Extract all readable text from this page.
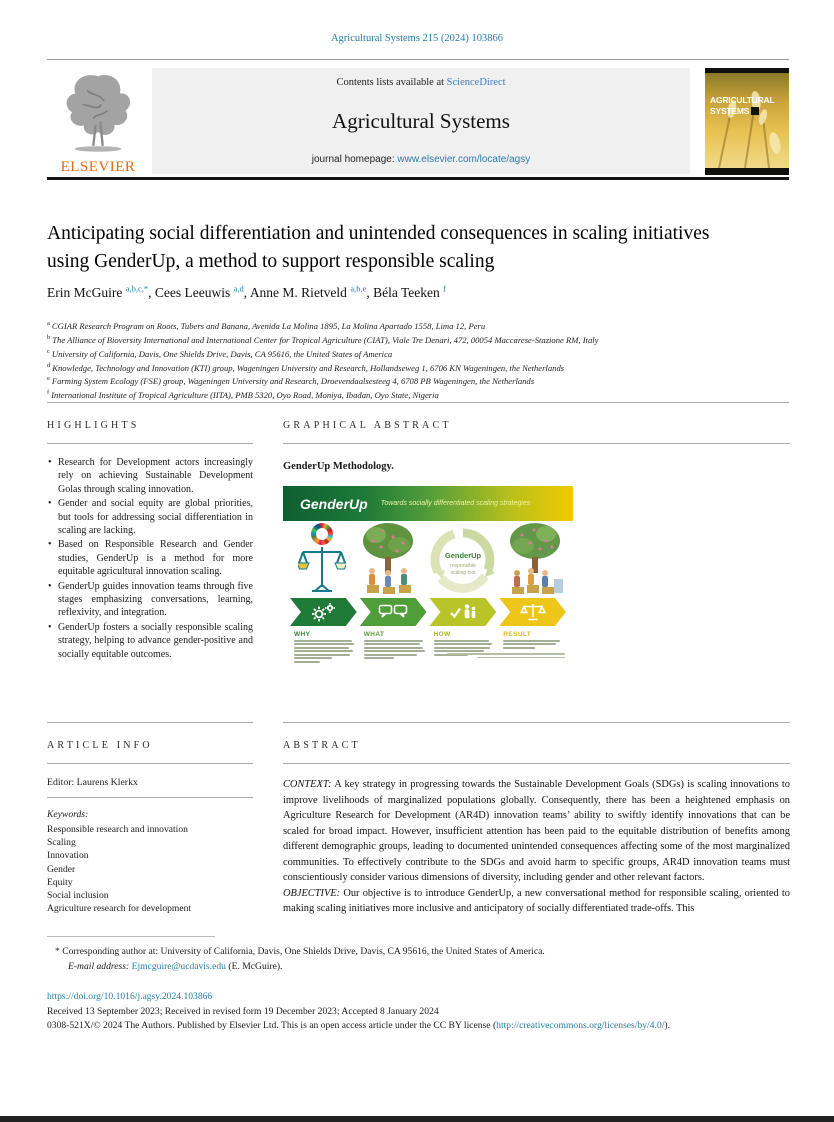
Agricultural Systems 215 (2024) 103866
ELSEVIER
Contents lists available at ScienceDirect
Agricultural Systems
journal homepage: www.elsevier.com/locate/agsy
AGRICULTURAL
SYSTEMS
Anticipating social differentiation and unintended consequences in scaling initiatives using GenderUp, a method to support responsible scaling
Erin McGuire $^{a,b,c,*}$ , Cees Leeuwis $^{a,d}$ , Anne M. Rietveld $^{a,b,e}$ , Béla Teeken $^f$
$^a$ CGIAR Research Program on Roots, Tubers and Banana, Avenida La Molina 1895, La Molina Apartado 1558, Lima 12, Peru
$^b$ The Alliance of Bioversity International and International Center for Tropical Agriculture (CIAT), Viale Tre Denari, 472, 00054 Maccarese-Stazione RM, Italy
$^c$ University of California, Davis, One Shields Drive, Davis, CA 95616, the United States of America
$^d$ Knowledge, Technology and Innovation (KTI) group, Wageningen University and Research, Hollandseweg 1, 6706 KN Wageningen, the Netherlands
$^e$ Farming System Ecology (FSE) group, Wageningen University and Research, Droevendaalsesteeg 4, 6708 PB Wageningen, the Netherlands
$^f$ International Institute of Tropical Agriculture (IITA), PMB 5320, Oyo Road, Moniya, Ibadan, Oyo State, Nigeria
HIGHLIGHTS	GRAPHICAL ABSTRACT
• Research for Development actors increasingly rely on achieving Sustainable Development Golas through scaling innovation.
• Gender and social equity are global priorities, but tools for addressing social differentiation in scaling are lacking.
• Based on Responsible Research and Gender studies, GenderUp is a method for more equitable agricultural innovation scaling.
• GenderUp guides innovation teams through five stages emphasizing conversations, learning, reflexivity, and integration.
• GenderUp fosters a socially responsible scaling strategy, helping to advance gender-positive and socially equitable outcomes.
GenderUp Methodology.
GenderUp Towards socially differentiated scaling strategies
GenderUp
responsible
scaling tool
WHY	WHAT	HOW	RESULT
ARTICLE INFO	ABSTRACT
Editor: Laurens Klerkx
Keywords:
Responsible research and innovation
Scaling
Innovation
Gender
Equity
Social inclusion
Agriculture research for development
CONTEXT: A key strategy in progressing towards the Sustainable Development Goals (SDGs) is scaling innovations to improve livelihoods of marginalized populations globally. Consequently, there has been a heightened emphasis on Agriculture Research for Development (AR4D) innovation teams’ ability to swiftly identify innovations that can be scaled for broad impact. However, insufficient attention has been paid to the equitable distribution of benefits among different demographic groups, leading to documented unintended consequences affecting some of the most marginalized communities. To effectively contribute to the SDGs and avoid harm to specific groups, AR4D innovation teams must conscientiously consider various dimensions of diversity, including gender and other relevant factors.
OBJECTIVE: Our objective is to introduce GenderUp, a new conversational method for responsible scaling, oriented to making scaling initiatives more inclusive and anticipatory of socially differentiated trade-offs. This
* Corresponding author at: University of California, Davis, One Shields Drive, Davis, CA 95616, the United States of America.
E-mail address: Ejmcguire@ucdavis.edu (E. McGuire).
https://doi.org/10.1016/j.agsy.2024.103866
Received 13 September 2023; Received in revised form 19 December 2023; Accepted 8 January 2024
0308-521X/© 2024 The Authors. Published by Elsevier Ltd. This is an open access article under the CC BY license (http://creativecommons.org/licenses/by/4.0/).
